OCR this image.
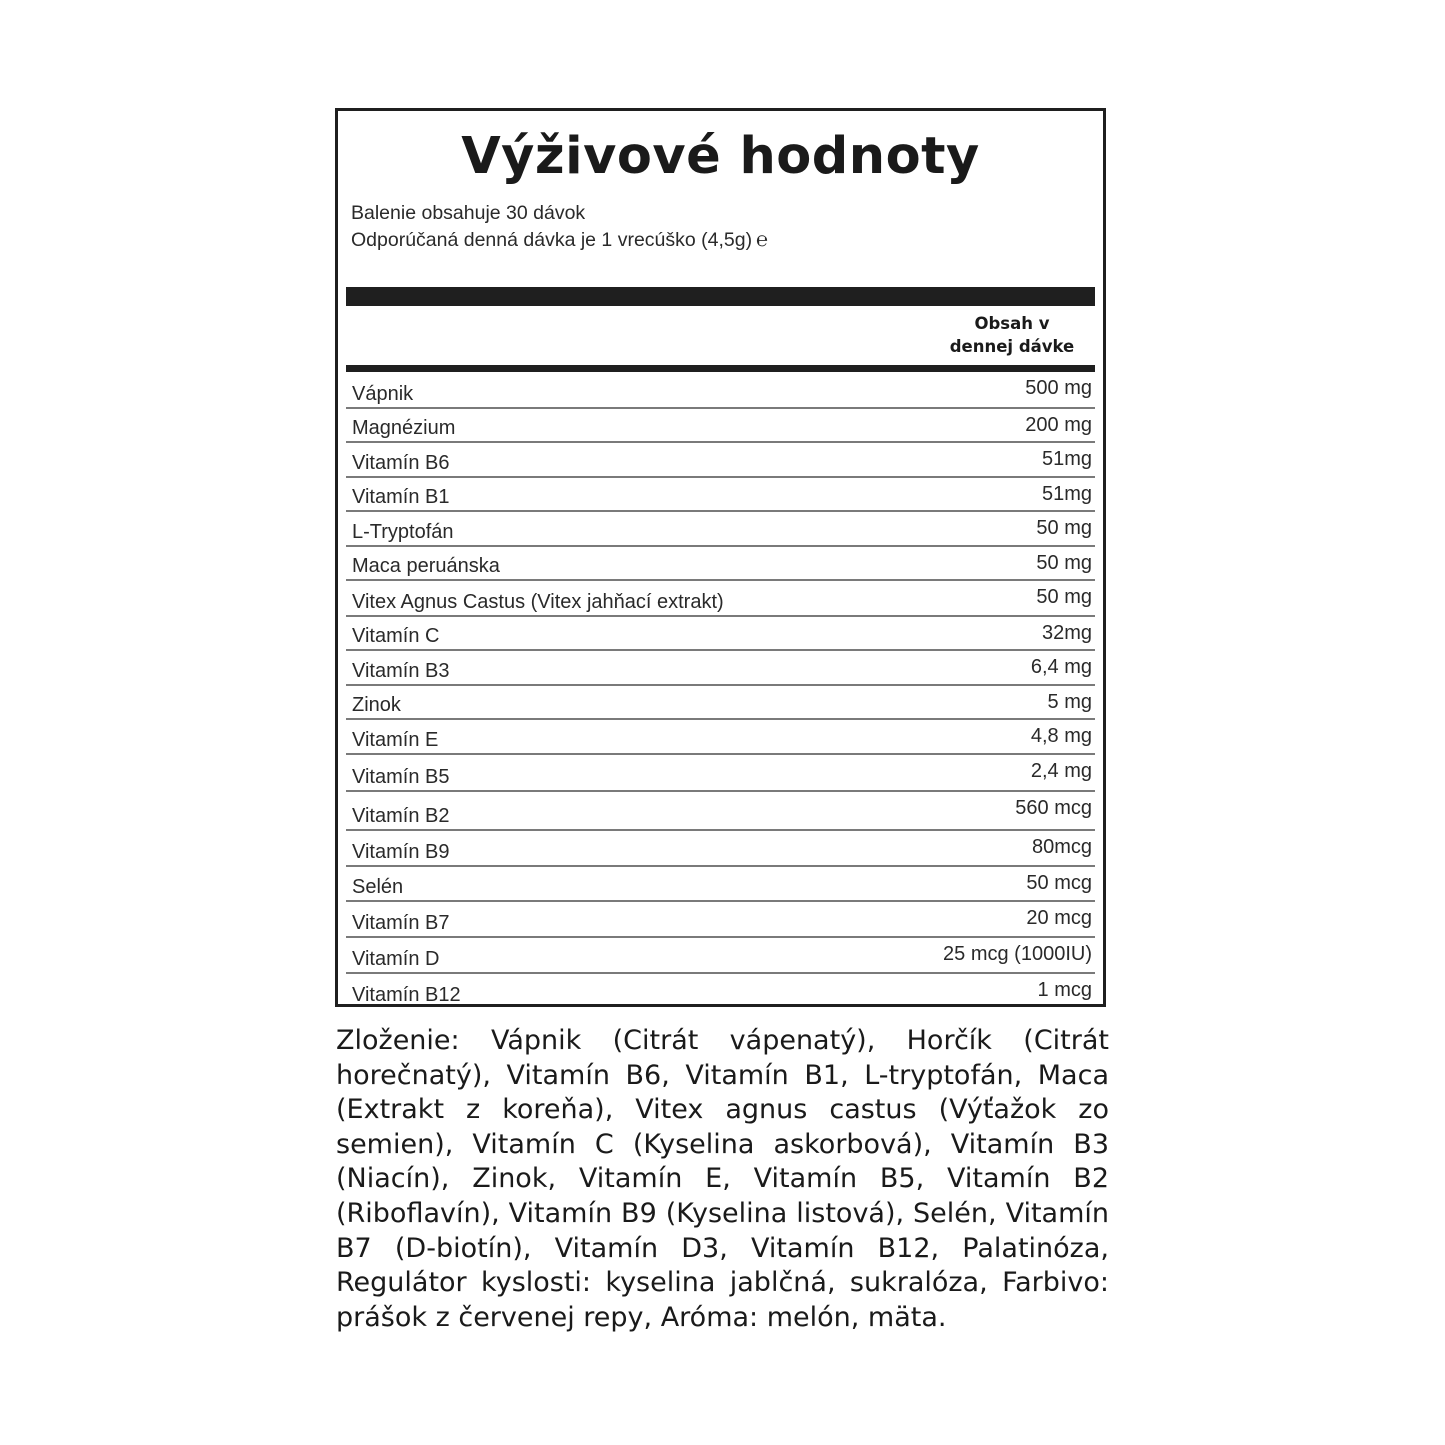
Výživové hodnoty
Balenie obsahuje 30 dávok
Odporúčaná denná dávka je 1 vrecúško (4,5g) ℮
Obsah v
dennej dávke
Vápnik	500 mg
Magnézium	200 mg
Vitamín B6	51mg
Vitamín B1	51mg
L-Tryptofán	50 mg
Maca peruánska	50 mg
Vitex Agnus Castus (Vitex jahňací extrakt)	50 mg
Vitamín C	32mg
Vitamín B3	6,4 mg
Zinok	5 mg
Vitamín E	4,8 mg
Vitamín B5	2,4 mg
Vitamín B2	560 mcg
Vitamín B9	80mcg
Selén	50 mcg
Vitamín B7	20 mcg
Vitamín D	25 mcg (1000IU)
Vitamín B12	1 mcg

Zloženie: Vápnik (Citrát vápenatý), Horčík (Citrát horečnatý), Vitamín B6, Vitamín B1, L-tryptofán, Maca (Extrakt z koreňa), Vitex agnus castus (Výťažok zo semien), Vitamín C (Kyselina askorbová), Vitamín B3 (Niacín), Zinok, Vitamín E, Vitamín B5, Vitamín B2 (Riboflavín), Vitamín B9 (Kyselina listová), Selén, Vitamín B7 (D-biotín), Vitamín D3, Vitamín B12, Palatinóza, Regulátor kyslosti: kyselina jablčná, sukralóza, Farbivo: prášok z červenej repy, Aróma: melón, mäta.
